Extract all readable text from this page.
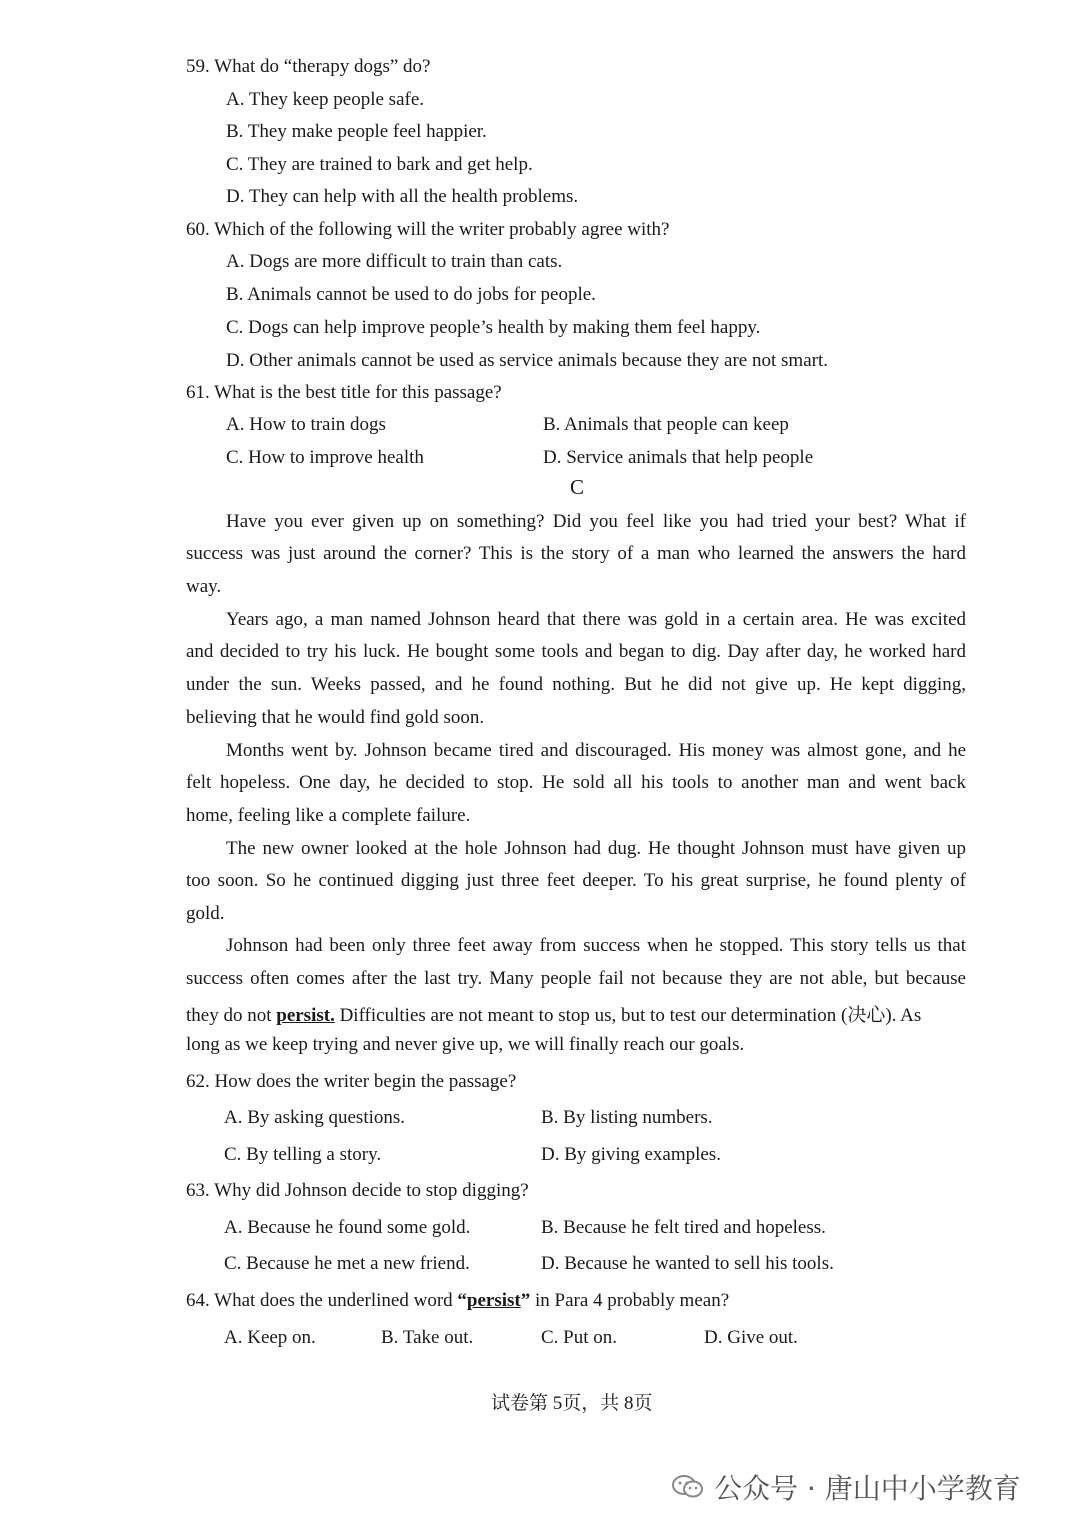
59. What do “therapy dogs” do?
A. They keep people safe.
B. They make people feel happier.
C. They are trained to bark and get help.
D. They can help with all the health problems.
60. Which of the following will the writer probably agree with?
A. Dogs are more difficult to train than cats.
B. Animals cannot be used to do jobs for people.
C. Dogs can help improve people’s health by making them feel happy.
D. Other animals cannot be used as service animals because they are not smart.
61. What is the best title for this passage?
A. How to train dogs	B. Animals that people can keep
C. How to improve health	D. Service animals that help people
C
Have you ever given up on something? Did you feel like you had tried your best? What if
success was just around the corner? This is the story of a man who learned the answers the hard
way.
Years ago, a man named Johnson heard that there was gold in a certain area. He was excited
and decided to try his luck. He bought some tools and began to dig. Day after day, he worked hard
under the sun. Weeks passed, and he found nothing. But he did not give up. He kept digging,
believing that he would find gold soon.
Months went by. Johnson became tired and discouraged. His money was almost gone, and he
felt hopeless. One day, he decided to stop. He sold all his tools to another man and went back
home, feeling like a complete failure.
The new owner looked at the hole Johnson had dug. He thought Johnson must have given up
too soon. So he continued digging just three feet deeper. To his great surprise, he found plenty of
gold.
Johnson had been only three feet away from success when he stopped. This story tells us that
success often comes after the last try. Many people fail not because they are not able, but because
they do not persist. Difficulties are not meant to stop us, but to test our determination (决心). As
long as we keep trying and never give up, we will finally reach our goals.
62. How does the writer begin the passage?
A. By asking questions.	B. By listing numbers.
C. By telling a story.	D. By giving examples.
63. Why did Johnson decide to stop digging?
A. Because he found some gold.	B. Because he felt tired and hopeless.
C. Because he met a new friend.	D. Because he wanted to sell his tools.
64. What does the underlined word “persist” in Para 4 probably mean?
A. Keep on.	B. Take out.	C. Put on.	D. Give out.
试卷第 5页，共 8页
公众号 · 唐山中小学教育
